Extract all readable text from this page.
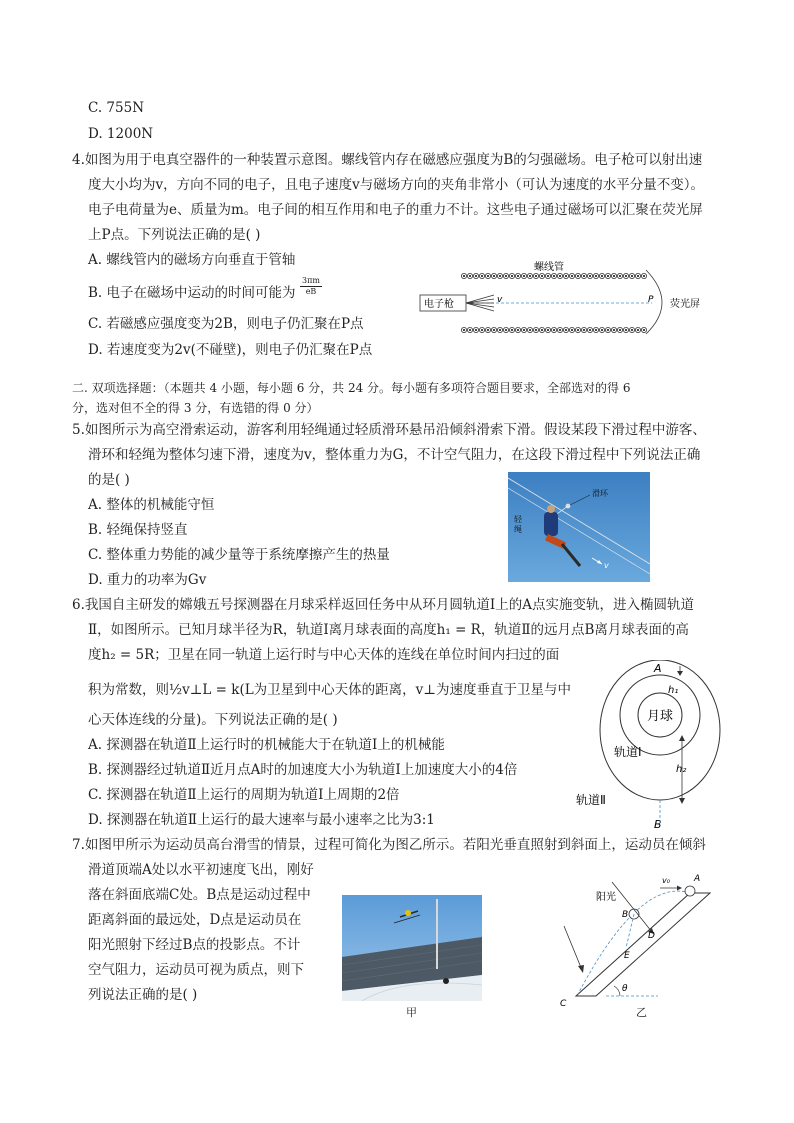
C. 755N
D. 1200N
4.如图为用于电真空器件的一种装置示意图。螺线管内存在磁感应强度为B的匀强磁场。电子枪可以射出速
度大小均为v，方向不同的电子，且电子速度v与磁场方向的夹角非常小（可认为速度的水平分量不变）。
电子电荷量为e、质量为m。电子间的相互作用和电子的重力不计。这些电子通过磁场可以汇聚在荧光屏
上P点。下列说法正确的是( )
A. 螺线管内的磁场方向垂直于管轴
B. 电子在磁场中运动的时间可能为 $\frac{3\pi m}{eB}$
C. 若磁感应强度变为2B，则电子仍汇聚在P点
D. 若速度变为2v(不碰壁)，则电子仍汇聚在P点
螺线管
电子枪	v	P 荧光屏
二. 双项选择题：（本题共 4 小题，每小题 6 分，共 24 分。每小题有多项符合题目要求，全部选对的得 6
分，选对但不全的得 3 分，有选错的得 0 分）
5.如图所示为高空滑索运动，游客利用轻绳通过轻质滑环悬吊沿倾斜滑索下滑。假设某段下滑过程中游客、
滑环和轻绳为整体匀速下滑，速度为v，整体重力为G，不计空气阻力，在这段下滑过程中下列说法正确
的是( )
A. 整体的机械能守恒
B. 轻绳保持竖直
C. 整体重力势能的减少量等于系统摩擦产生的热量
D. 重力的功率为Gv
v
滑环
轻
绳
6.我国自主研发的嫦娥五号探测器在月球采样返回任务中从环月圆轨道Ⅰ上的A点实施变轨，进入椭圆轨道
Ⅱ，如图所示。已知月球半径为R，轨道Ⅰ离月球表面的高度h₁ = R，轨道Ⅱ的远月点B离月球表面的高
度h₂ = 5R；卫星在同一轨道上运行时与中心天体的连线在单位时间内扫过的面
积为常数，则½v⊥L = k(L为卫星到中心天体的距离，v⊥为速度垂直于卫星与中
心天体连线的分量)。下列说法正确的是( )
A. 探测器在轨道Ⅱ上运行时的机械能大于在轨道Ⅰ上的机械能
B. 探测器经过轨道Ⅱ近月点A时的加速度大小为轨道Ⅰ上加速度大小的4倍
C. 探测器在轨道Ⅱ上运行的周期为轨道Ⅰ上周期的2倍
D. 探测器在轨道Ⅱ上运行的最大速率与最小速率之比为3:1
月球
A
B
h₁
h₂
轨道Ⅰ
轨道Ⅱ
7.如图甲所示为运动员高台滑雪的情景，过程可简化为图乙所示。若阳光垂直照射到斜面上，运动员在倾斜
滑道顶端A处以水平初速度飞出，刚好
落在斜面底端C处。B点是运动过程中
距离斜面的最远处，D点是运动员在
阳光照射下经过B点的投影点。不计
空气阻力，运动员可视为质点，则下
列说法正确的是( )
甲
θ
A
v₀
B
阳光
E
D
C
乙
